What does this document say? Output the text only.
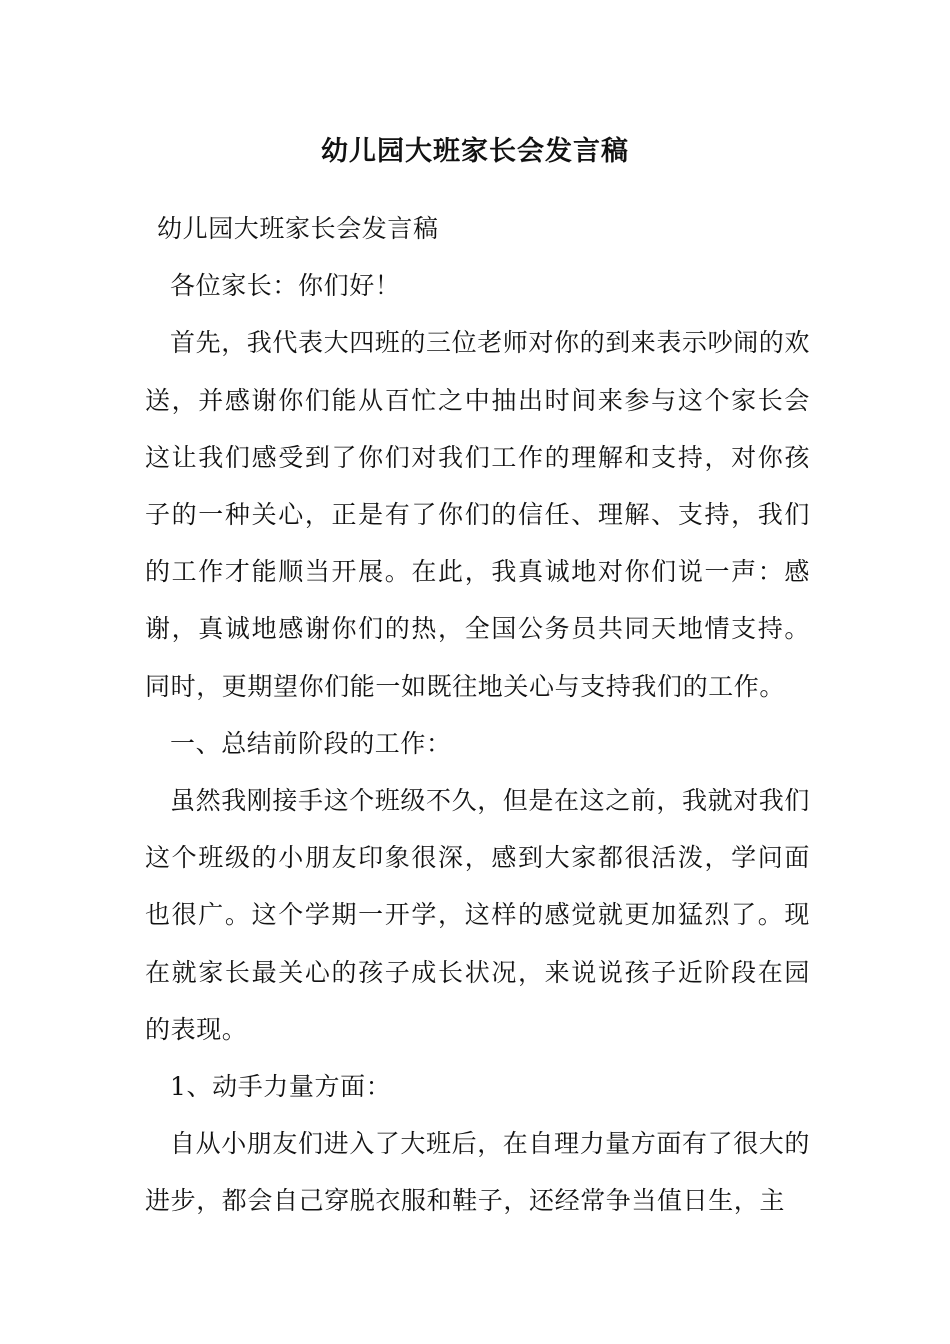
幼儿园大班家长会发言稿

幼儿园大班家长会发言稿

各位家长：你们好！

首先，我代表大四班的三位老师对你的到来表示吵闹的欢送，并感谢你们能从百忙之中抽出时间来参与这个家长会这让我们感受到了你们对我们工作的理解和支持，对你孩子的一种关心，正是有了你们的信任、理解、支持，我们的工作才能顺当开展。在此，我真诚地对你们说一声：感谢，真诚地感谢你们的热，全国公务员共同天地情支持。同时，更期望你们能一如既往地关心与支持我们的工作。

一、总结前阶段的工作：

虽然我刚接手这个班级不久，但是在这之前，我就对我们这个班级的小朋友印象很深，感到大家都很活泼，学问面也很广。这个学期一开学，这样的感觉就更加猛烈了。现在就家长最关心的孩子成长状况，来说说孩子近阶段在园的表现。

1、动手力量方面：

自从小朋友们进入了大班后，在自理力量方面有了很大的进步，都会自己穿脱衣服和鞋子，还经常争当值日生，主
